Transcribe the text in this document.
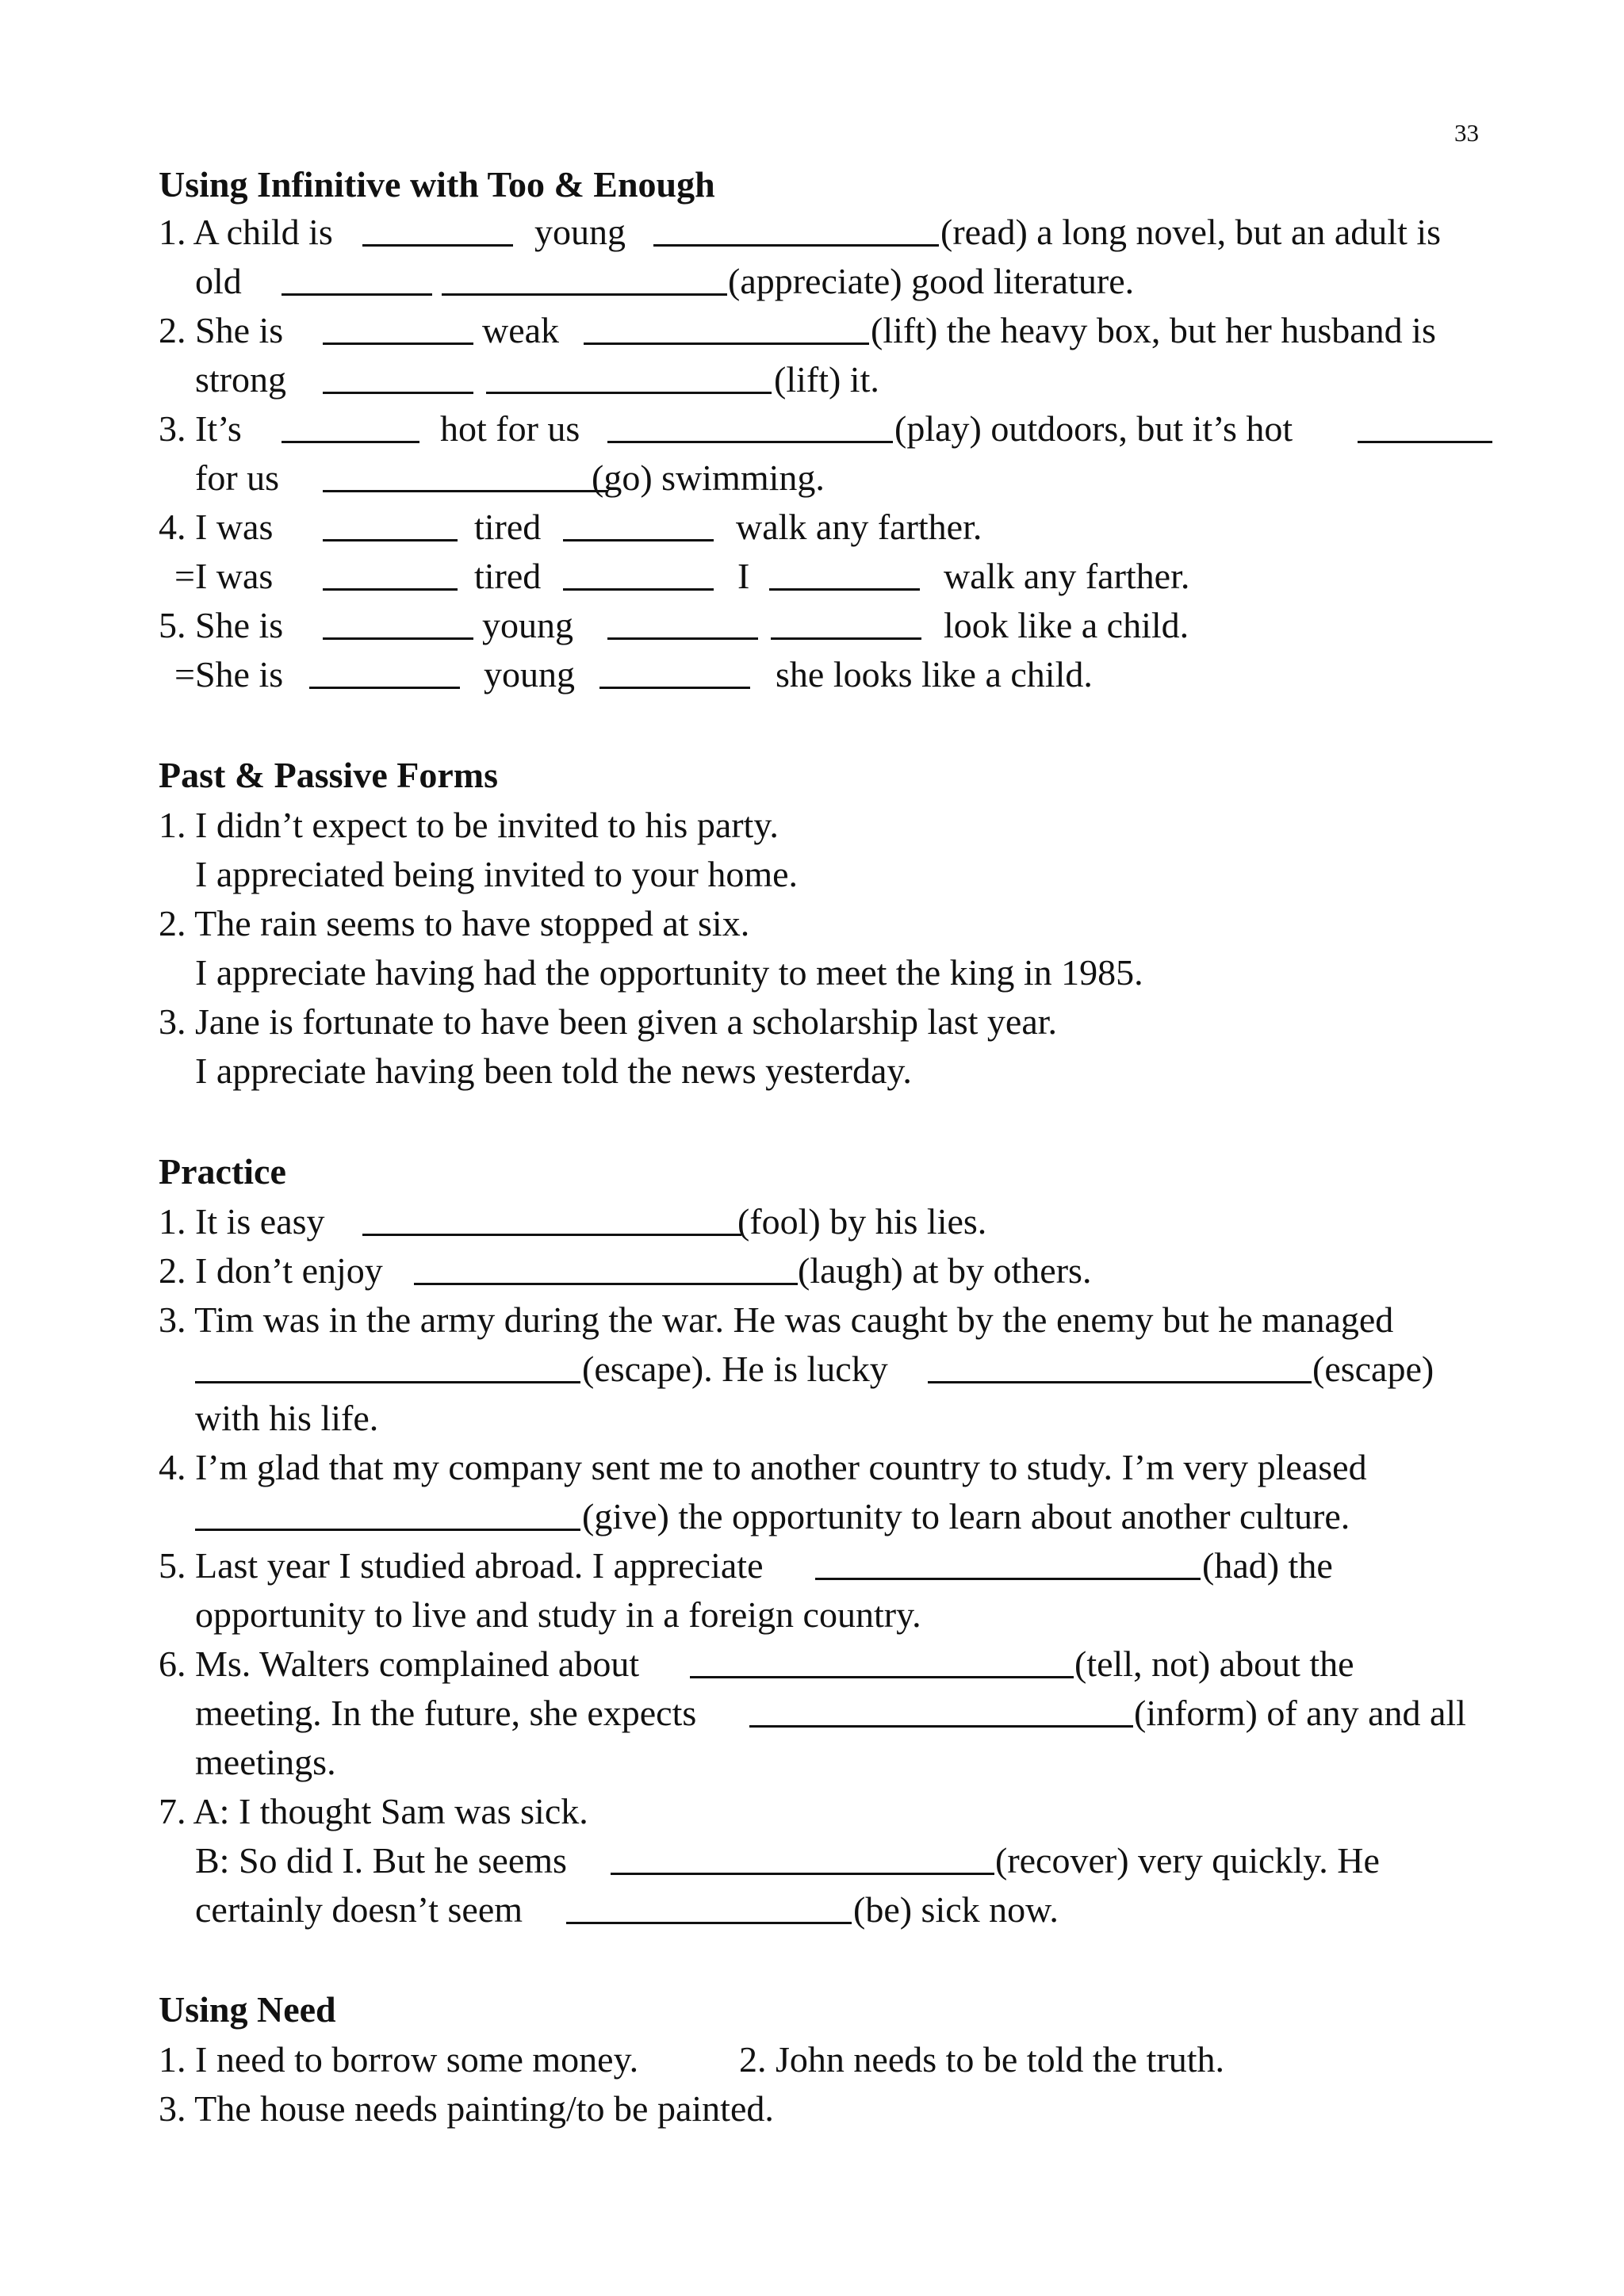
33
Using Infinitive with Too & Enough
1. A child is	young	(read) a long novel, but an adult is
old	(appreciate) good literature.
2. She is	weak	(lift) the heavy box, but her husband is
strong	(lift) it.
3. It’s	hot for us	(play) outdoors, but it’s hot
for us	(go) swimming.
4. I was	tired	walk any farther.
=I was	tired	I	walk any farther.
5. She is	young	look like a child.
=She is	young	she looks like a child.
Past & Passive Forms
1. I didn’t expect to be invited to his party.
I appreciated being invited to your home.
2. The rain seems to have stopped at six.
I appreciate having had the opportunity to meet the king in 1985.
3. Jane is fortunate to have been given a scholarship last year.
I appreciate having been told the news yesterday.
Practice
1. It is easy	(fool) by his lies.
2. I don’t enjoy	(laugh) at by others.
3. Tim was in the army during the war. He was caught by the enemy but he managed
(escape). He is lucky	(escape)
with his life.
4. I’m glad that my company sent me to another country to study. I’m very pleased
(give) the opportunity to learn about another culture.
5. Last year I studied abroad. I appreciate	(had) the
opportunity to live and study in a foreign country.
6. Ms. Walters complained about	(tell, not) about the
meeting. In the future, she expects	(inform) of any and all
meetings.
7. A: I thought Sam was sick.
B: So did I. But he seems	(recover) very quickly. He
certainly doesn’t seem	(be) sick now.
Using Need
1. I need to borrow some money.	2. John needs to be told the truth.
3. The house needs painting/to be painted.
